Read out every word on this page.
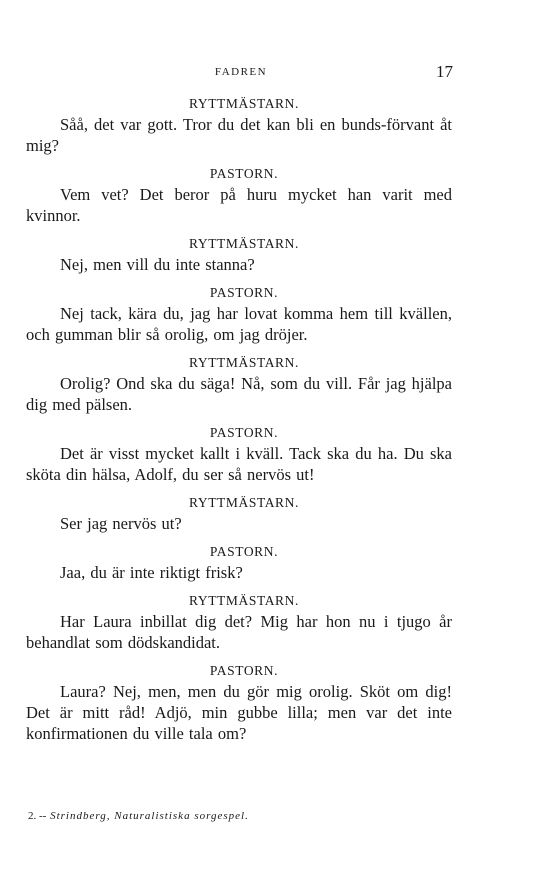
FADREN	17
RYTTMÄSTARN.
Såå, det var gott. Tror du det kan bli en bunds-förvant åt mig?
PASTORN.
Vem vet? Det beror på huru mycket han varit med kvinnor.
RYTTMÄSTARN.
Nej, men vill du inte stanna?
PASTORN.
Nej tack, kära du, jag har lovat komma hem till kvällen, och gumman blir så orolig, om jag dröjer.
RYTTMÄSTARN.
Orolig? Ond ska du säga! Nå, som du vill. Får jag hjälpa dig med pälsen.
PASTORN.
Det är visst mycket kallt i kväll. Tack ska du ha. Du ska sköta din hälsa, Adolf, du ser så nervös ut!
RYTTMÄSTARN.
Ser jag nervös ut?
PASTORN.
Jaa, du är inte riktigt frisk?
RYTTMÄSTARN.
Har Laura inbillat dig det? Mig har hon nu i tjugo år behandlat som dödskandidat.
PASTORN.
Laura? Nej, men, men du gör mig orolig. Sköt om dig! Det är mitt råd! Adjö, min gubbe lilla; men var det inte konfirmationen du ville tala om?
2. -- Strindberg, Naturalistiska sorgespel.
